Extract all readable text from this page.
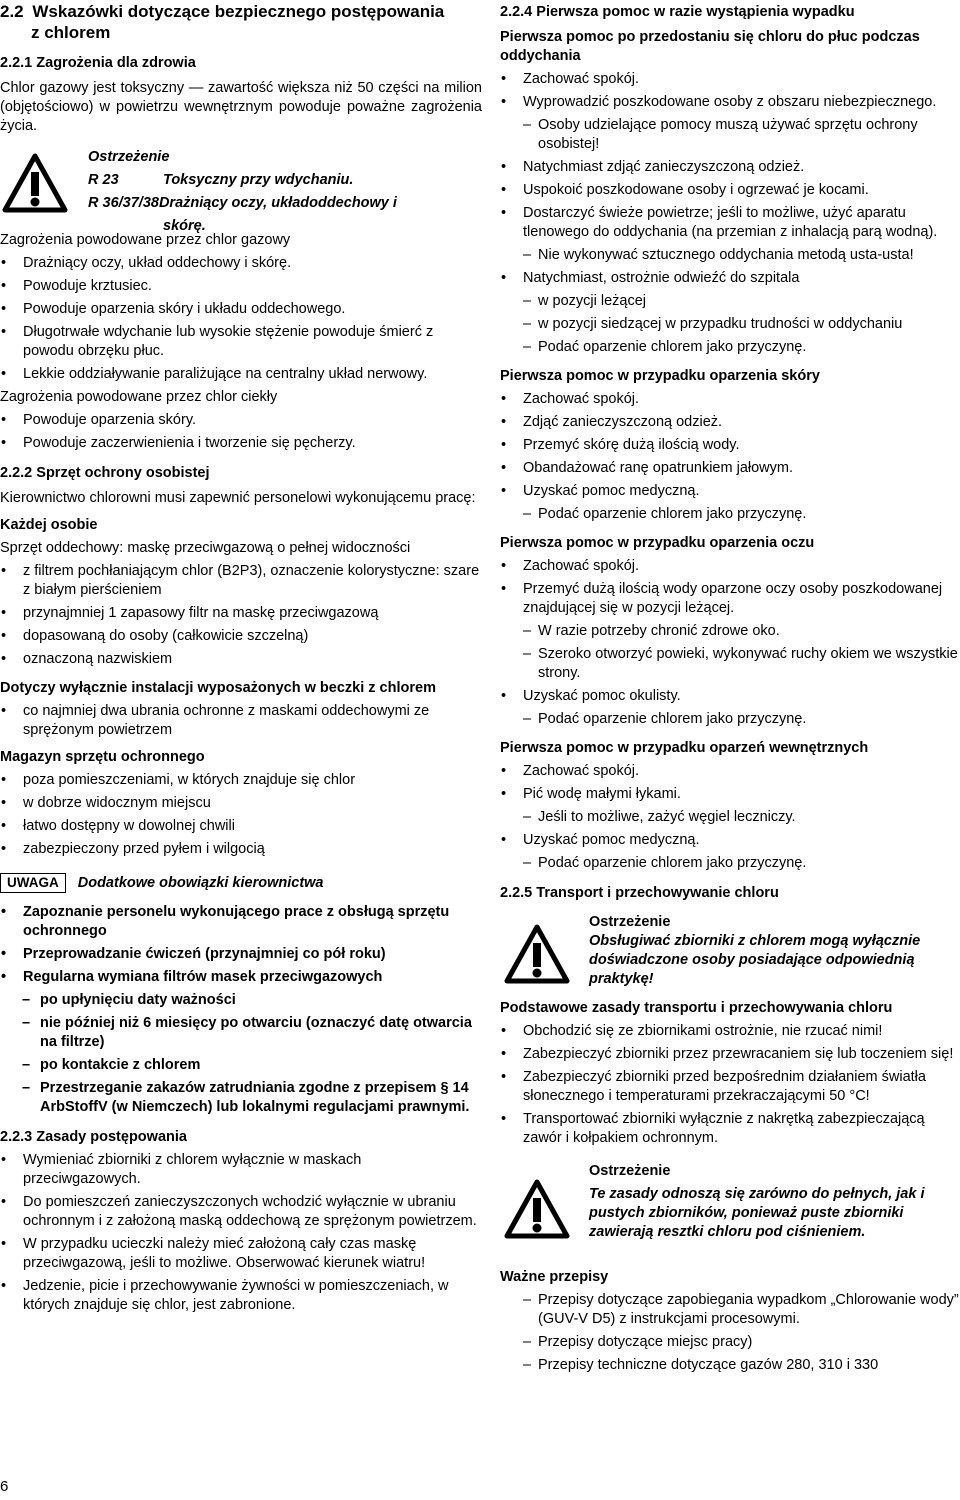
2.2 Wskazówki dotyczące bezpiecznego postępowania
z chlorem
2.2.1 Zagrożenia dla zdrowia

Chlor gazowy jest toksyczny — zawartość większa niż 50 części na milion (objętościowo) w powietrzu wewnętrznym powoduje poważne zagrożenia życia.

Ostrzeżenie
R 23	Toksyczny przy wdychaniu.
R 36/37/38Drażniący oczy, układoddechowy i
skórę.
Zagrożenia powodowane przez chlor gazowy
• Drażniący oczy, układ oddechowy i skórę.
• Powoduje krztusiec.
• Powoduje oparzenia skóry i układu oddechowego.
• Długotrwałe wdychanie lub wysokie stężenie powoduje śmierć z powodu obrzęku płuc.
• Lekkie oddziaływanie paraliżujące na centralny układ nerwowy.
Zagrożenia powodowane przez chlor ciekły
• Powoduje oparzenia skóry.
• Powoduje zaczerwienienia i tworzenie się pęcherzy.
2.2.2 Sprzęt ochrony osobistej

Kierownictwo chlorowni musi zapewnić personelowi wykonującemu pracę:

Każdej osobie

Sprzęt oddechowy: maskę przeciwgazową o pełnej widoczności

• z filtrem pochłaniającym chlor (B2P3), oznaczenie kolorystyczne: szare z białym pierścieniem
• przynajmniej 1 zapasowy filtr na maskę przeciwgazową
• dopasowaną do osoby (całkowicie szczelną)
• oznaczoną nazwiskiem
Dotyczy wyłącznie instalacji wyposażonych w beczki z chlorem
• co najmniej dwa ubrania ochronne z maskami oddechowymi ze sprężonym powietrzem
Magazyn sprzętu ochronnego
• poza pomieszczeniami, w których znajduje się chlor
• w dobrze widocznym miejscu
• łatwo dostępny w dowolnej chwili
• zabezpieczony przed pyłem i wilgocią
UWAGA	Dodatkowe obowiązki kierownictwa
• Zapoznanie personelu wykonującego prace z obsługą sprzętu ochronnego
• Przeprowadzanie ćwiczeń (przynajmniej co pół roku)
• Regularna wymiana filtrów masek przeciwgazowych
– po upłynięciu daty ważności
– nie później niż 6 miesięcy po otwarciu (oznaczyć datę otwarcia na filtrze)
– po kontakcie z chlorem
– Przestrzeganie zakazów zatrudniania zgodne z przepisem § 14 ArbStoffV (w Niemczech) lub lokalnymi regulacjami prawnymi.
2.2.3 Zasady postępowania
• Wymieniać zbiorniki z chlorem wyłącznie w maskach przeciwgazowych.
• Do pomieszczeń zanieczyszczonych wchodzić wyłącznie w ubraniu ochronnym i z założoną maską oddechową ze sprężonym powietrzem.
• W przypadku ucieczki należy mieć założoną cały czas maskę przeciwgazową, jeśli to możliwe. Obserwować kierunek wiatru!
• Jedzenie, picie i przechowywanie żywności w pomieszczeniach, w których znajduje się chlor, jest zabronione.
2.2.4 Pierwsza pomoc w razie wystąpienia wypadku
Pierwsza pomoc po przedostaniu się chloru do płuc podczas oddychania
• Zachować spokój.
• Wyprowadzić poszkodowane osoby z obszaru niebezpiecznego.
– Osoby udzielające pomocy muszą używać sprzętu ochrony osobistej!
• Natychmiast zdjąć zanieczyszczoną odzież.
• Uspokoić poszkodowane osoby i ogrzewać je kocami.
• Dostarczyć świeże powietrze; jeśli to możliwe, użyć aparatu tlenowego do oddychania (na przemian z inhalacją parą wodną).
– Nie wykonywać sztucznego oddychania metodą usta-usta!
• Natychmiast, ostrożnie odwieźć do szpitala
– w pozycji leżącej
– w pozycji siedzącej w przypadku trudności w oddychaniu
– Podać oparzenie chlorem jako przyczynę.
Pierwsza pomoc w przypadku oparzenia skóry
• Zachować spokój.
• Zdjąć zanieczyszczoną odzież.
• Przemyć skórę dużą ilością wody.
• Obandażować ranę opatrunkiem jałowym.
• Uzyskać pomoc medyczną.
– Podać oparzenie chlorem jako przyczynę.
Pierwsza pomoc w przypadku oparzenia oczu
• Zachować spokój.
• Przemyć dużą ilością wody oparzone oczy osoby poszkodowanej znajdującej się w pozycji leżącej.
– W razie potrzeby chronić zdrowe oko.
– Szeroko otworzyć powieki, wykonywać ruchy okiem we wszystkie strony.
• Uzyskać pomoc okulisty.
– Podać oparzenie chlorem jako przyczynę.
Pierwsza pomoc w przypadku oparzeń wewnętrznych
• Zachować spokój.
• Pić wodę małymi łykami.
– Jeśli to możliwe, zażyć węgiel leczniczy.
• Uzyskać pomoc medyczną.
– Podać oparzenie chlorem jako przyczynę.
2.2.5 Transport i przechowywanie chloru
Ostrzeżenie
Obsługiwać zbiorniki z chlorem mogą wyłącznie doświadczone osoby posiadające odpowiednią praktykę!
Podstawowe zasady transportu i przechowywania chloru
• Obchodzić się ze zbiornikami ostrożnie, nie rzucać nimi!
• Zabezpieczyć zbiorniki przez przewracaniem się lub toczeniem się!
• Zabezpieczyć zbiorniki przed bezpośrednim działaniem światła słonecznego i temperaturami przekraczającymi 50 °C!
• Transportować zbiorniki wyłącznie z nakrętką zabezpieczającą zawór i kołpakiem ochronnym.
Ostrzeżenie
Te zasady odnoszą się zarówno do pełnych, jak i pustych zbiorników, ponieważ puste zbiorniki zawierają resztki chloru pod ciśnieniem.
Ważne przepisy
– Przepisy dotyczące zapobiegania wypadkom „Chlorowanie wody” (GUV-V D5) z instrukcjami procesowymi.
– Przepisy dotyczące miejsc pracy)
– Przepisy techniczne dotyczące gazów 280, 310 i 330
6
